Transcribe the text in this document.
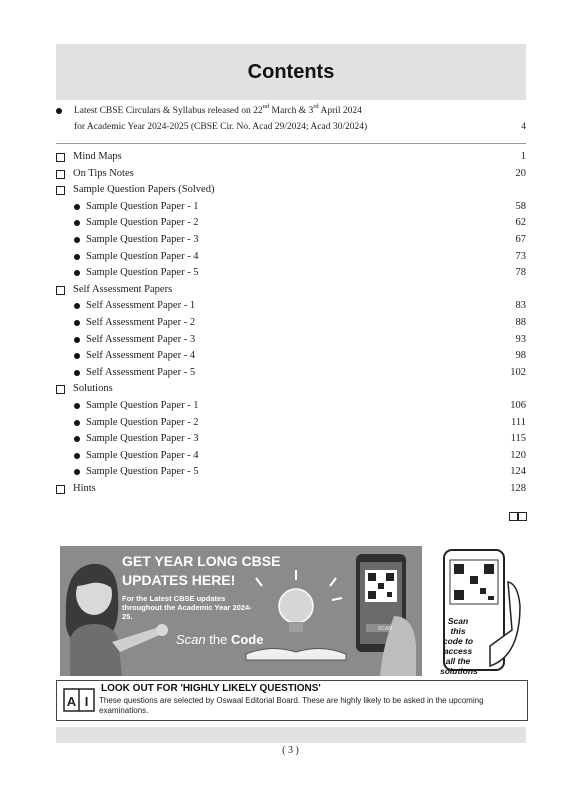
Contents
Latest CBSE Circulars & Syllabus released on 22nd March & 3rd April 2024
for Academic Year 2024-2025 (CBSE Cir. No. Acad 29/2024; Acad 30/2024)	4
Mind Maps	1
On Tips Notes	20
Sample Question Papers (Solved)
Sample Question Paper - 1	58
Sample Question Paper - 2	62
Sample Question Paper - 3	67
Sample Question Paper - 4	73
Sample Question Paper - 5	78
Self Assessment Papers
Self Assessment Paper - 1	83
Self Assessment Paper - 2	88
Self Assessment Paper - 3	93
Self Assessment Paper - 4	98
Self Assessment Paper - 5	102
Solutions
Sample Question Paper - 1	106
Sample Question Paper - 2	111
Sample Question Paper - 3	115
Sample Question Paper - 4	120
Sample Question Paper - 5	124
Hints	128
GET YEAR LONG CBSE UPDATES HERE!
For the Latest CBSE updates throughout the Academic Year 2024-25.
Scan the Code
SCAN
Scan this code to access all the solutions
A I
LOOK OUT FOR 'HIGHLY LIKELY QUESTIONS'
These questions are selected by Oswaal Editorial Board. These are highly likely to be asked in the upcoming examinations.
( 3 )
